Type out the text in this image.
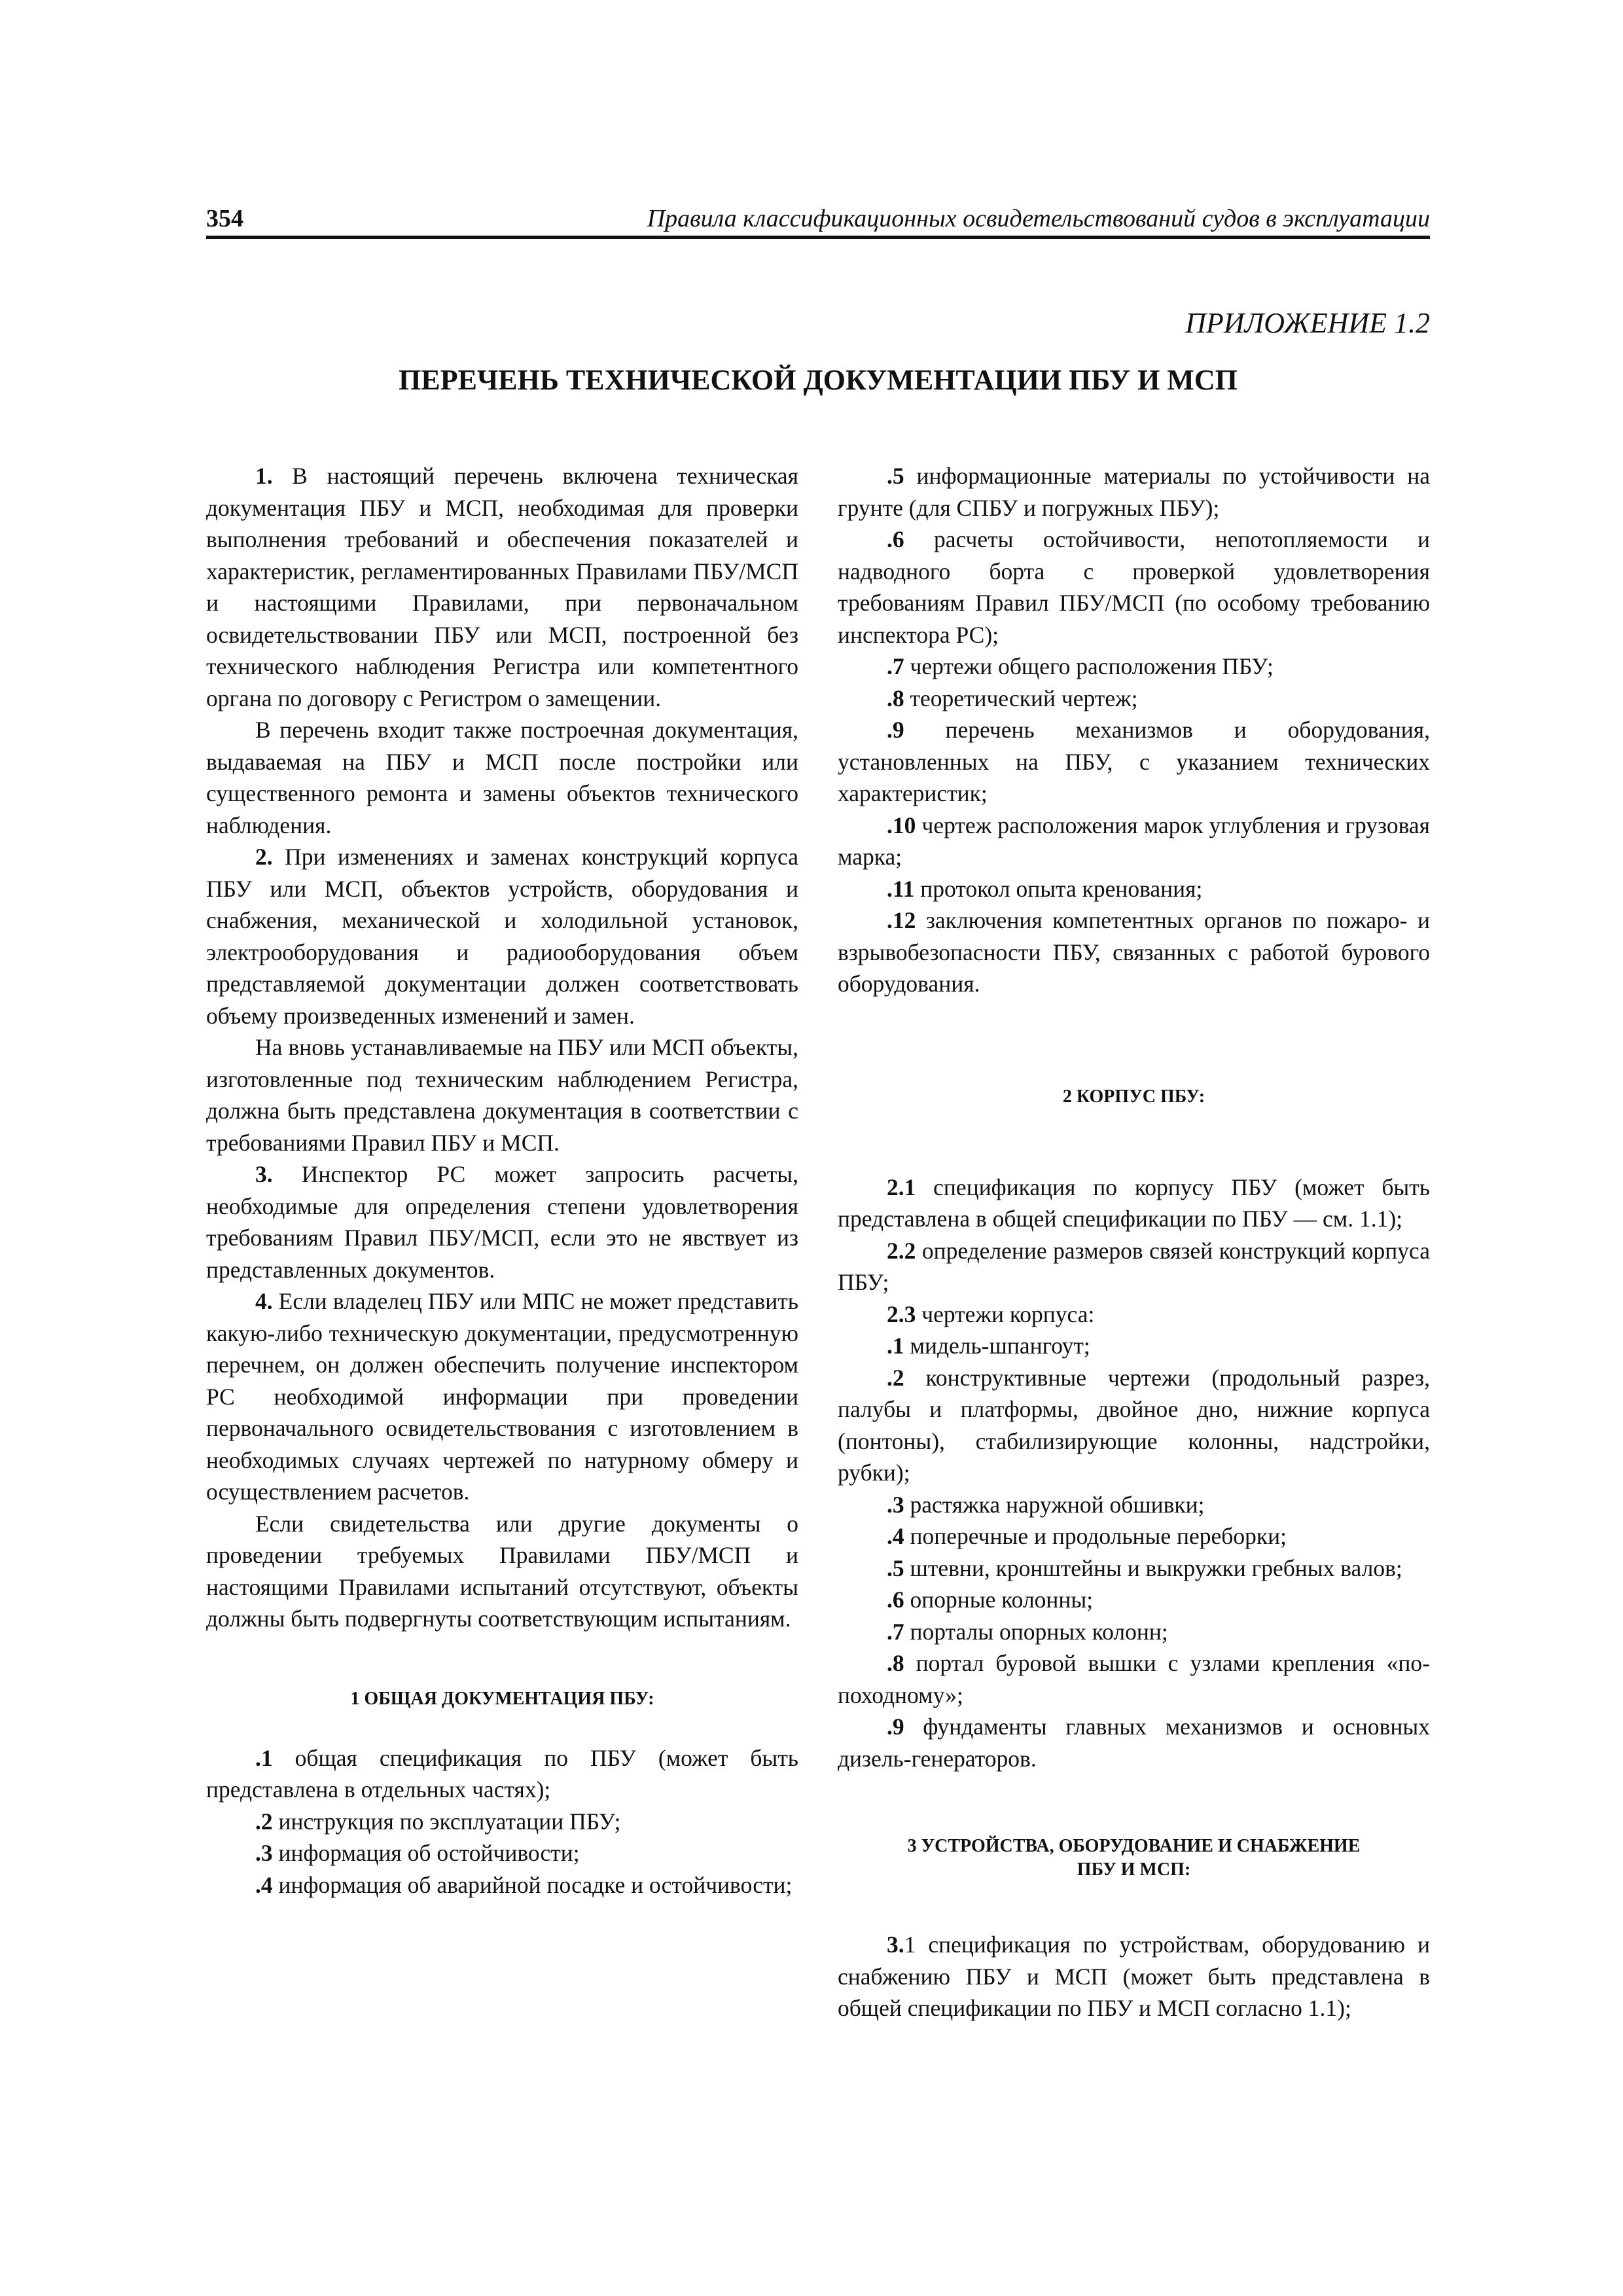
354	Правила классификационных освидетельствований судов в эксплуатации
ПРИЛОЖЕНИЕ 1.2
ПЕРЕЧЕНЬ ТЕХНИЧЕСКОЙ ДОКУМЕНТАЦИИ ПБУ И МСП

1. В настоящий перечень включена техническая документация ПБУ и МСП, необходимая для проверки выполнения требований и обеспечения показателей и характеристик, регламентированных Правилами ПБУ/МСП и настоящими Правилами, при первоначальном освидетельствовании ПБУ или МСП, построенной без технического наблюдения Регистра или компетентного органа по договору с Регистром о замещении.

В перечень входит также построечная документация, выдаваемая на ПБУ и МСП после постройки или существенного ремонта и замены объектов технического наблюдения.

2. При изменениях и заменах конструкций корпуса ПБУ или МСП, объектов устройств, оборудования и снабжения, механической и холодильной установок, электрооборудования и радиооборудования объем представляемой документации должен соответствовать объему произведенных изменений и замен.

На вновь устанавливаемые на ПБУ или МСП объекты, изготовленные под техническим наблюдением Регистра, должна быть представлена документация в соответствии с требованиями Правил ПБУ и МСП.

3. Инспектор РС может запросить расчеты, необходимые для определения степени удовлетворения требованиям Правил ПБУ/МСП, если это не явствует из представленных документов.

4. Если владелец ПБУ или МПС не может представить какую-либо техническую документации, предусмотренную перечнем, он должен обеспечить получение инспектором РС необходимой информации при проведении первоначального освидетельствования с изготовлением в необходимых случаях чертежей по натурному обмеру и осуществлением расчетов.

Если свидетельства или другие документы о проведении требуемых Правилами ПБУ/МСП и настоящими Правилами испытаний отсутствуют, объекты должны быть подвергнуты соответствующим испытаниям.

1 ОБЩАЯ ДОКУМЕНТАЦИЯ ПБУ:

.1 общая спецификация по ПБУ (может быть представлена в отдельных частях);

.2 инструкция по эксплуатации ПБУ;

.3 информация об остойчивости;

.4 информация об аварийной посадке и остойчивости;

.5 информационные материалы по устойчивости на грунте (для СПБУ и погружных ПБУ);

.6 расчеты остойчивости, непотопляемости и надводного борта с проверкой удовлетворения требованиям Правил ПБУ/МСП (по особому требованию инспектора РС);

.7 чертежи общего расположения ПБУ;

.8 теоретический чертеж;

.9 перечень механизмов и оборудования, установленных на ПБУ, с указанием технических характеристик;

.10 чертеж расположения марок углубления и грузовая марка;

.11 протокол опыта кренования;

.12 заключения компетентных органов по пожаро- и взрывобезопасности ПБУ, связанных с работой бурового оборудования.

2 КОРПУС ПБУ:

2.1 спецификация по корпусу ПБУ (может быть представлена в общей спецификации по ПБУ — см. 1.1);

2.2 определение размеров связей конструкций корпуса ПБУ;

2.3 чертежи корпуса:

.1 мидель-шпангоут;

.2 конструктивные чертежи (продольный разрез, палубы и платформы, двойное дно, нижние корпуса (понтоны), стабилизирующие колонны, надстройки, рубки);

.3 растяжка наружной обшивки;

.4 поперечные и продольные переборки;

.5 штевни, кронштейны и выкружки гребных валов;

.6 опорные колонны;

.7 порталы опорных колонн;

.8 портал буровой вышки с узлами крепления «по-походному»;

.9 фундаменты главных механизмов и основных дизель-генераторов.

3 УСТРОЙСТВА, ОБОРУДОВАНИЕ И СНАБЖЕНИЕ
ПБУ И МСП:

3.1 спецификация по устройствам, оборудованию и снабжению ПБУ и МСП (может быть представлена в общей спецификации по ПБУ и МСП согласно 1.1);
